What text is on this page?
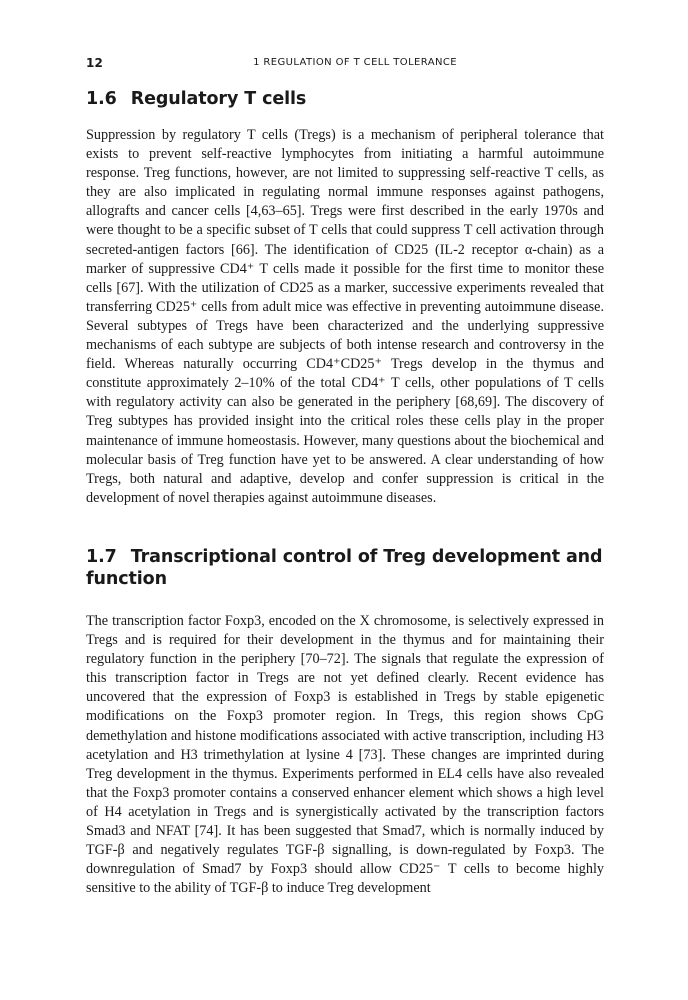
12	1 REGULATION OF T CELL TOLERANCE
1.6 Regulatory T cells

Suppression by regulatory T cells (Tregs) is a mechanism of peripheral tolerance that exists to prevent self-reactive lymphocytes from initiating a harmful autoimmune response. Treg functions, however, are not limited to suppressing self-reactive T cells, as they are also implicated in regulating normal immune responses against pathogens, allografts and cancer cells [4,63–65]. Tregs were first described in the early 1970s and were thought to be a specific subset of T cells that could suppress T cell activation through secreted-antigen factors [66]. The identification of CD25 (IL-2 receptor α-chain) as a marker of suppressive CD4⁺ T cells made it possible for the first time to monitor these cells [67]. With the utilization of CD25 as a marker, successive experiments revealed that transferring CD25⁺ cells from adult mice was effective in preventing autoimmune disease. Several subtypes of Tregs have been characterized and the underlying suppressive mechanisms of each subtype are subjects of both intense research and controversy in the field. Whereas naturally occurring CD4⁺CD25⁺ Tregs develop in the thymus and constitute approximately 2–10% of the total CD4⁺ T cells, other populations of T cells with regulatory activity can also be generated in the periphery [68,69]. The discovery of Treg subtypes has provided insight into the critical roles these cells play in the proper maintenance of immune homeostasis. However, many questions about the biochemical and molecular basis of Treg function have yet to be answered. A clear understanding of how Tregs, both natural and adaptive, develop and confer suppression is critical in the development of novel therapies against autoimmune diseases.

1.7 Transcriptional control of Treg development and function

The transcription factor Foxp3, encoded on the X chromosome, is selectively expressed in Tregs and is required for their development in the thymus and for maintaining their regulatory function in the periphery [70–72]. The signals that regulate the expression of this transcription factor in Tregs are not yet defined clearly. Recent evidence has uncovered that the expression of Foxp3 is established in Tregs by stable epigenetic modifications on the Foxp3 promoter region. In Tregs, this region shows CpG demethylation and histone modifications associated with active transcription, including H3 acetylation and H3 trimethylation at lysine 4 [73]. These changes are imprinted during Treg development in the thymus. Experiments performed in EL4 cells have also revealed that the Foxp3 promoter contains a conserved enhancer element which shows a high level of H4 acetylation in Tregs and is synergistically activated by the transcription factors Smad3 and NFAT [74]. It has been suggested that Smad7, which is normally induced by TGF-β and negatively regulates TGF-β signalling, is down-regulated by Foxp3. The downregulation of Smad7 by Foxp3 should allow CD25⁻ T cells to become highly sensitive to the ability of TGF-β to induce Treg development
